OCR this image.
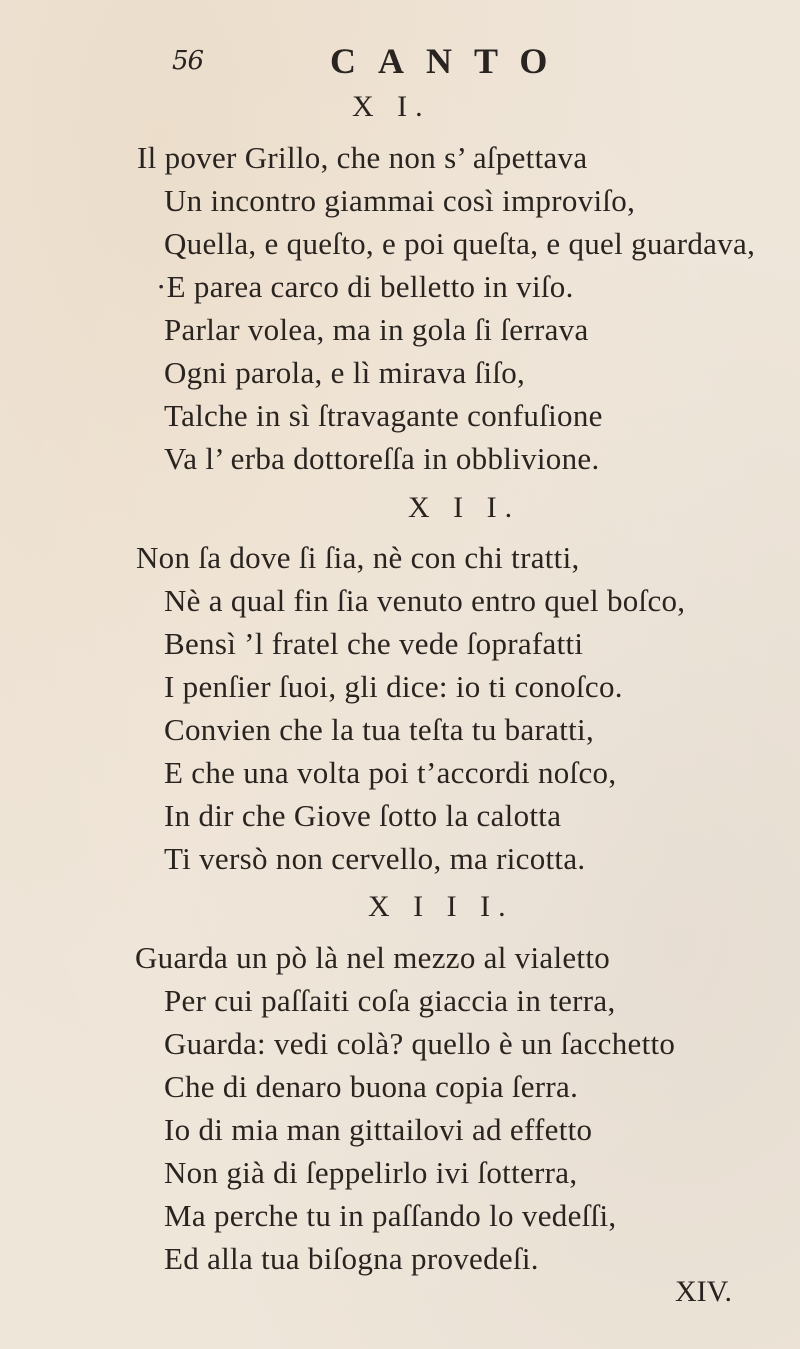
56	CANTO
X I.
Il pover Grillo, che non s’ aſpettava
Un incontro giammai così improviſo,
Quella, e queſto, e poi queſta, e quel guardava,
·E parea carco di belletto in viſo.
Parlar volea, ma in gola ſi ſerrava
Ogni parola, e lì mirava ſiſo,
Talche in sì ſtravagante confuſione
Va l’ erba dottoreſſa in obblivione.
X I I.
Non ſa dove ſi ſia, nè con chi tratti,
Nè a qual fin ſia venuto entro quel boſco,
Bensì ’l fratel che vede ſoprafatti
I penſier ſuoi, gli dice: io ti conoſco.
Convien che la tua teſta tu baratti,
E che una volta poi t’accordi noſco,
In dir che Giove ſotto la calotta
Ti versò non cervello, ma ricotta.
X I I I.
Guarda un pò là nel mezzo al vialetto
Per cui paſſaiti coſa giaccia in terra,
Guarda: vedi colà? quello è un ſacchetto
Che di denaro buona copia ſerra.
Io di mia man gittailovi ad effetto
Non già di ſeppelirlo ivi ſotterra,
Ma perche tu in paſſando lo vedeſſi,
Ed alla tua biſogna provedeſi.
XIV.
